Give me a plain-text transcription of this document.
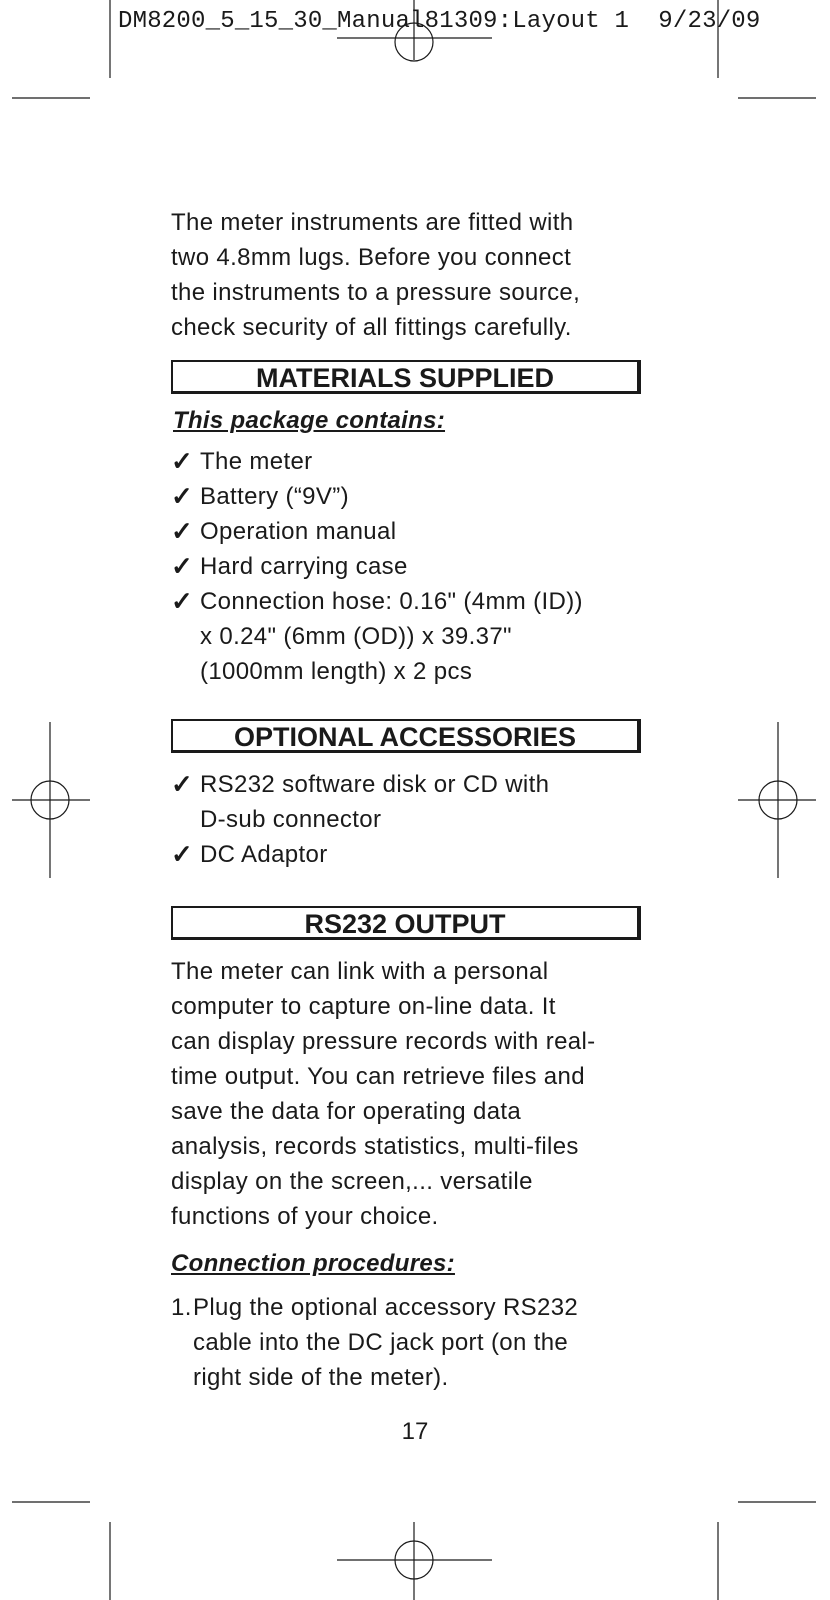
DM8200_5_15_30_Manual81309:Layout 1  9/23/09

The meter instruments are fitted with
two 4.8mm lugs. Before you connect
the instruments to a pressure source,
check security of all fittings carefully.

MATERIALS SUPPLIED
This package contains:
✓ The meter
✓ Battery (“9V”)
✓ Operation manual
✓ Hard carrying case
✓ Connection hose: 0.16" (4mm (ID))
x 0.24" (6mm (OD)) x 39.37"
(1000mm length) x 2 pcs
OPTIONAL ACCESSORIES
✓ RS232 software disk or CD with
D-sub connector
✓ DC Adaptor
RS232 OUTPUT

The meter can link with a personal
computer to capture on-line data. It
can display pressure records with real-
time output. You can retrieve files and
save the data for operating data
analysis, records statistics, multi-files
display on the screen,... versatile
functions of your choice.

Connection procedures:
1. Plug the optional accessory RS232
cable into the DC jack port (on the
right side of the meter).
17
